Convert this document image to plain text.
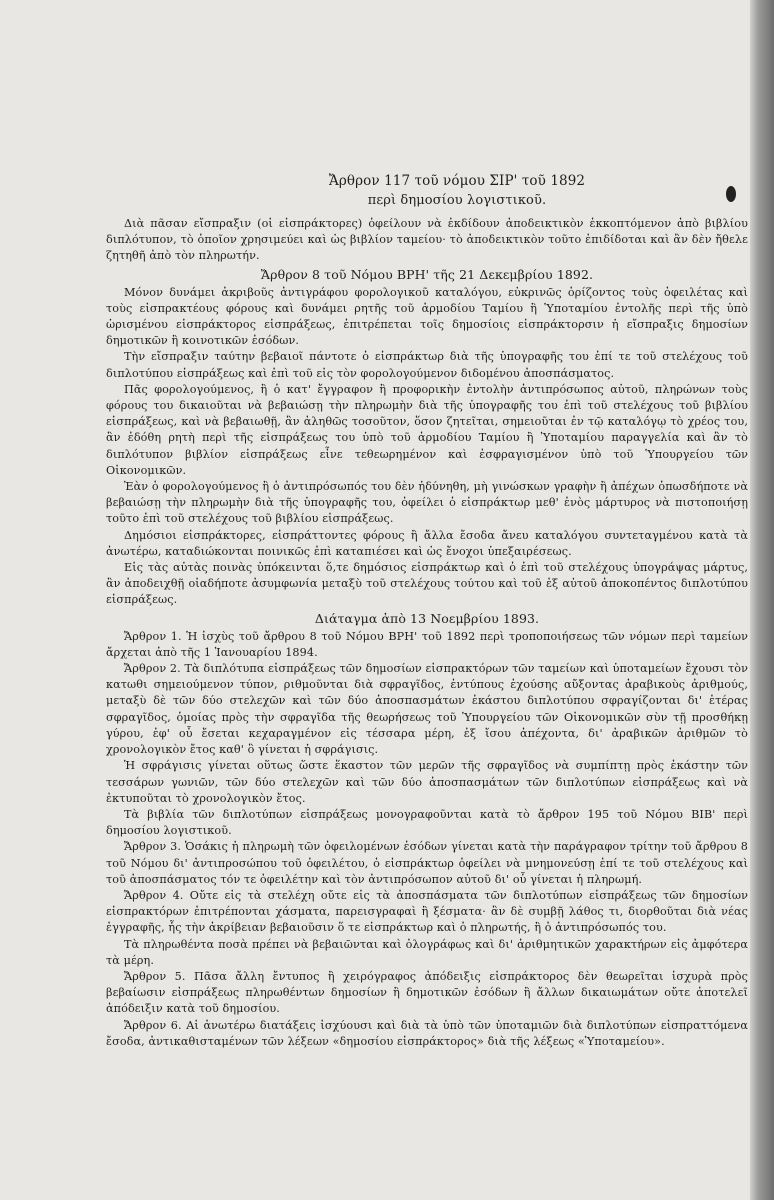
Ἄρθρον 117 τοῦ νόμου ΣΙΡ' τοῦ 1892
περὶ δημοσίου λογιστικοῦ.

Διὰ πᾶσαν εἴσπραξιν (οἱ εἰσπράκτορες) ὀφείλουν νὰ ἐκδίδουν ἀποδεικτικὸν ἐκκοπτόμενον ἀπὸ βιβλίου διπλότυπον, τὸ ὁποῖον χρησιμεύει καὶ ὡς βιβλίον ταμείου· τὸ ἀποδεικτικὸν τοῦτο ἐπιδίδοται καὶ ἂν δὲν ἤθελε ζητηθῆ ἀπὸ τὸν πληρωτήν.

Ἄρθρον 8 τοῦ Νόμου ΒΡΗ' τῆς 21 Δεκεμβρίου 1892.

Μόνον δυνάμει ἀκριβοῦς ἀντιγράφου φορολογικοῦ καταλόγου, εὐκρινῶς ὁρίζοντος τοὺς ὀφειλέτας καὶ τοὺς εἰσπρακτέους φόρους καὶ δυνάμει ρητῆς τοῦ ἁρμοδίου Ταμίου ἢ Ὑποταμίου ἐντολῆς περὶ τῆς ὑπὸ ὡρισμένου εἰσπράκτορος εἰσπράξεως, ἐπιτρέπεται τοῖς δημοσίοις εἰσπράκτορσιν ἡ εἴσπραξις δημοσίων δημοτικῶν ἢ κοινοτικῶν ἐσόδων.

Τὴν εἴσπραξιν ταύτην βεβαιοῖ πάντοτε ὁ εἰσπράκτωρ διὰ τῆς ὑπογραφῆς του ἐπί τε τοῦ στελέχους τοῦ διπλοτύπου εἰσπράξεως καὶ ἐπὶ τοῦ εἰς τὸν φορολογούμενον διδομένου ἀποσπάσματος.

Πᾶς φορολογούμενος, ἢ ὁ κατ' ἔγγραφον ἢ προφορικὴν ἐντολὴν ἀντιπρόσωπος αὐτοῦ, πληρώνων τοὺς φόρους του δικαιοῦται νὰ βεβαιώσῃ τὴν πληρωμὴν διὰ τῆς ὑπογραφῆς του ἐπὶ τοῦ στελέχους τοῦ βιβλίου εἰσπράξεως, καὶ νὰ βεβαιωθῇ, ἂν ἀληθῶς τοσοῦτον, ὅσον ζητεῖται, σημειοῦται ἐν τῷ καταλόγῳ τὸ χρέος του, ἂν ἐδόθη ρητὴ περὶ τῆς εἰσπράξεως του ὑπὸ τοῦ ἁρμοδίου Ταμίου ἢ Ὑποταμίου παραγγελία καὶ ἂν τὸ διπλότυπον βιβλίον εἰσπράξεως εἶνε τεθεωρημένον καὶ ἐσφραγισμένον ὑπὸ τοῦ Ὑπουργείου τῶν Οἰκονομικῶν.

Ἐὰν ὁ φορολογούμενος ἢ ὁ ἀντιπρόσωπός του δὲν ἠδύνηθη, μὴ γινώσκων γραφὴν ἢ ἀπέχων ὁπωσδήποτε νὰ βεβαιώσῃ τὴν πληρωμὴν διὰ τῆς ὑπογραφῆς του, ὀφείλει ὁ εἰσπράκτωρ μεθ' ἑνὸς μάρτυρος νὰ πιστοποιήσῃ τοῦτο ἐπὶ τοῦ στελέχους τοῦ βιβλίου εἰσπράξεως.

Δημόσιοι εἰσπράκτορες, εἰσπράττοντες φόρους ἢ ἄλλα ἔσοδα ἄνευ καταλόγου συντεταγμένου κατὰ τὰ ἀνωτέρω, καταδιώκονται ποινικῶς ἐπὶ καταπιέσει καὶ ὡς ἔνοχοι ὑπεξαιρέσεως.

Εἰς τὰς αὐτὰς ποινὰς ὑπόκεινται ὅ,τε δημόσιος εἰσπράκτωρ καὶ ὁ ἐπὶ τοῦ στελέχους ὑπογράψας μάρτυς, ἂν ἀποδειχθῇ οἱαδήποτε ἀσυμφωνία μεταξὺ τοῦ στελέχους τούτου καὶ τοῦ ἐξ αὐτοῦ ἀποκοπέντος διπλοτύπου εἰσπράξεως.

Διάταγμα ἀπὸ 13 Νοεμβρίου 1893.

Ἄρθρον 1. Ἡ ἰσχὺς τοῦ ἄρθρου 8 τοῦ Νόμου ΒΡΗ' τοῦ 1892 περὶ τροποποιήσεως τῶν νόμων περὶ ταμείων ἄρχεται ἀπὸ τῆς 1 Ἰανουαρίου 1894.

Ἄρθρον 2. Τὰ διπλότυπα εἰσπράξεως τῶν δημοσίων εἰσπρακτόρων τῶν ταμείων καὶ ὑποταμείων ἔχουσι τὸν κατωθι σημειούμενον τύπον, ριθμοῦνται διὰ σφραγῖδος, ἐντύπους ἐχούσης αὔξοντας ἀραβικοὺς ἀριθμούς, μεταξὺ δὲ τῶν δύο στελεχῶν καὶ τῶν δύο ἀποσπασμάτων ἑκάστου διπλοτύπου σφραγίζονται δι' ἑτέρας σφραγῖδος, ὁμοίας πρὸς τὴν σφραγῖδα τῆς θεωρήσεως τοῦ Ὑπουργείου τῶν Οἰκονομικῶν σὺν τῇ προσθήκῃ γύρου, ἐφ' οὗ ἔσεται κεχαραγμένον εἰς τέσσαρα μέρη, ἐξ ἴσου ἀπέχοντα, δι' ἀραβικῶν ἀριθμῶν τὸ χρονολογικὸν ἔτος καθ' ὃ γίνεται ἡ σφράγισις.

Ἡ σφράγισις γίνεται οὕτως ὥστε ἕκαστον τῶν μερῶν τῆς σφραγῖδος νὰ συμπίπτῃ πρὸς ἑκάστην τῶν τεσσάρων γωνιῶν, τῶν δύο στελεχῶν καὶ τῶν δύο ἀποσπασμάτων τῶν διπλοτύπων εἰσπράξεως καὶ νὰ ἐκτυποῦται τὸ χρονολογικὸν ἔτος.

Τὰ βιβλία τῶν διπλοτύπων εἰσπράξεως μονογραφοῦνται κατὰ τὸ ἄρθρον 195 τοῦ Νόμου ΒΙΒ' περὶ δημοσίου λογιστικοῦ.

Ἄρθρον 3. Ὁσάκις ἡ πληρωμὴ τῶν ὀφειλομένων ἐσόδων γίνεται κατὰ τὴν παράγραφον τρίτην τοῦ ἄρθρου 8 τοῦ Νόμου δι' ἀντιπροσώπου τοῦ ὀφειλέτου, ὁ εἰσπράκτωρ ὀφείλει νὰ μνημονεύσῃ ἐπί τε τοῦ στελέχους καὶ τοῦ ἀποσπάσματος τόν τε ὀφειλέτην καὶ τὸν ἀντιπρόσωπον αὐτοῦ δι' οὗ γίνεται ἡ πληρωμή.

Ἄρθρον 4. Οὔτε εἰς τὰ στελέχη οὔτε εἰς τὰ ἀποσπάσματα τῶν διπλοτύπων εἰσπράξεως τῶν δημοσίων εἰσπρακτόρων ἐπιτρέπονται χάσματα, παρεισγραφαὶ ἢ ξέσματα· ἂν δὲ συμβῇ λάθος τι, διορθοῦται διὰ νέας ἐγγραφῆς, ἧς τὴν ἀκρίβειαν βεβαιοῦσιν ὅ τε εἰσπράκτωρ καὶ ὁ πληρωτής, ἢ ὁ ἀντιπρόσωπός του.

Τὰ πληρωθέντα ποσὰ πρέπει νὰ βεβαιῶνται καὶ ὁλογράφως καὶ δι' ἀριθμητικῶν χαρακτήρων εἰς ἀμφότερα τὰ μέρη.

Ἄρθρον 5. Πᾶσα ἄλλη ἔντυπος ἢ χειρόγραφος ἀπόδειξις εἰσπράκτορος δὲν θεωρεῖται ἰσχυρὰ πρὸς βεβαίωσιν εἰσπράξεως πληρωθέντων δημοσίων ἢ δημοτικῶν ἐσόδων ἢ ἄλλων δικαιωμάτων οὔτε ἀποτελεῖ ἀπόδειξιν κατὰ τοῦ δημοσίου.

Ἄρθρον 6. Αἱ ἀνωτέρω διατάξεις ἰσχύουσι καὶ διὰ τὰ ὑπὸ τῶν ὑποταμιῶν διὰ διπλοτύπων εἰσπραττόμενα ἔσοδα, ἀντικαθισταμένων τῶν λέξεων «δημοσίου εἰσπράκτορος» διὰ τῆς λέξεως «Ὑποταμείου».
